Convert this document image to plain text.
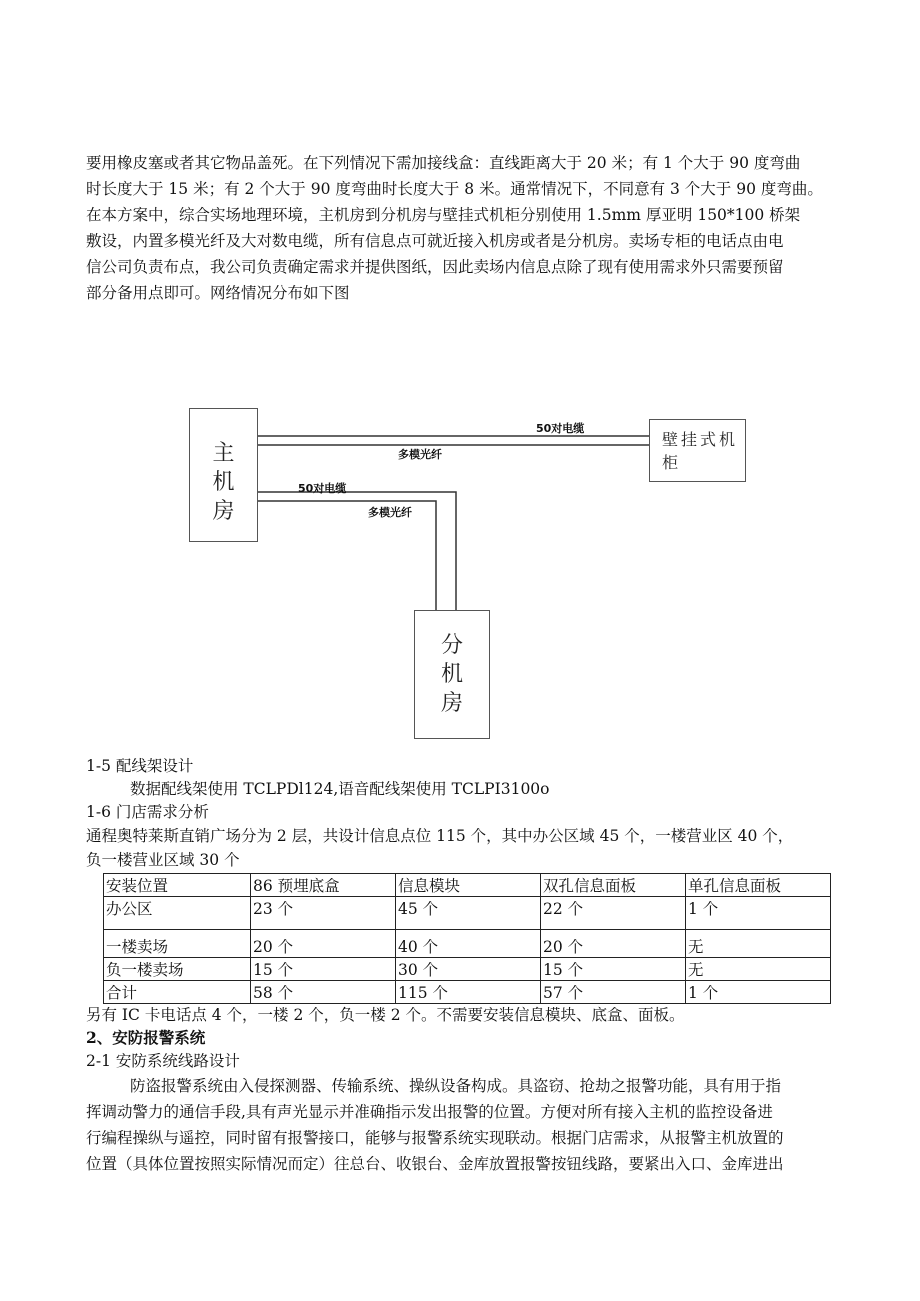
要用橡皮塞或者其它物品盖死。在下列情况下需加接线盒：直线距离大于 20 米；有 1 个大于 90 度弯曲

时长度大于 15 米；有 2 个大于 90 度弯曲时长度大于 8 米。通常情况下，不同意有 3 个大于 90 度弯曲。

在本方案中，综合实场地理环境，主机房到分机房与壁挂式机柜分别使用 1.5mm 厚亚明 150*100 桥架

敷设，内置多模光纤及大对数电缆，所有信息点可就近接入机房或者是分机房。卖场专柜的电话点由电

信公司负责布点，我公司负责确定需求并提供图纸，因此卖场内信息点除了现有使用需求外只需要预留

部分备用点即可。网络情况分布如下图

主
机
房
壁挂式机柜
分
机
房
50对电缆
多模光纤
50对电缆
多模光纤

1-5 配线架设计

数据配线架使用 TCLPDl124,语音配线架使用 TCLPI3100o

1-6 门店需求分析

通程奥特莱斯直销广场分为 2 层，共设计信息点位 115 个，其中办公区域 45 个，一楼营业区 40 个，

负一楼营业区域 30 个

安装位置	86 预埋底盒	信息模块	双孔信息面板	单孔信息面板
办公区	23 个	45 个	22 个	1 个
一楼卖场	20 个	40 个	20 个	无
负一楼卖场	15 个	30 个	15 个	无
合计	58 个	115 个	57 个	1 个

另有 IC 卡电话点 4 个，一楼 2 个，负一楼 2 个。不需要安装信息模块、底盒、面板。

2、安防报警系统

2-1 安防系统线路设计

防盗报警系统由入侵探测器、传输系统、操纵设备构成。具盗窃、抢劫之报警功能，具有用于指

挥调动警力的通信手段,具有声光显示并准确指示发出报警的位置。方便对所有接入主机的监控设备进

行编程操纵与遥控，同时留有报警接口，能够与报警系统实现联动。根据门店需求，从报警主机放置的

位置（具体位置按照实际情况而定）往总台、收银台、金库放置报警按钮线路，要紧出入口、金库进出
